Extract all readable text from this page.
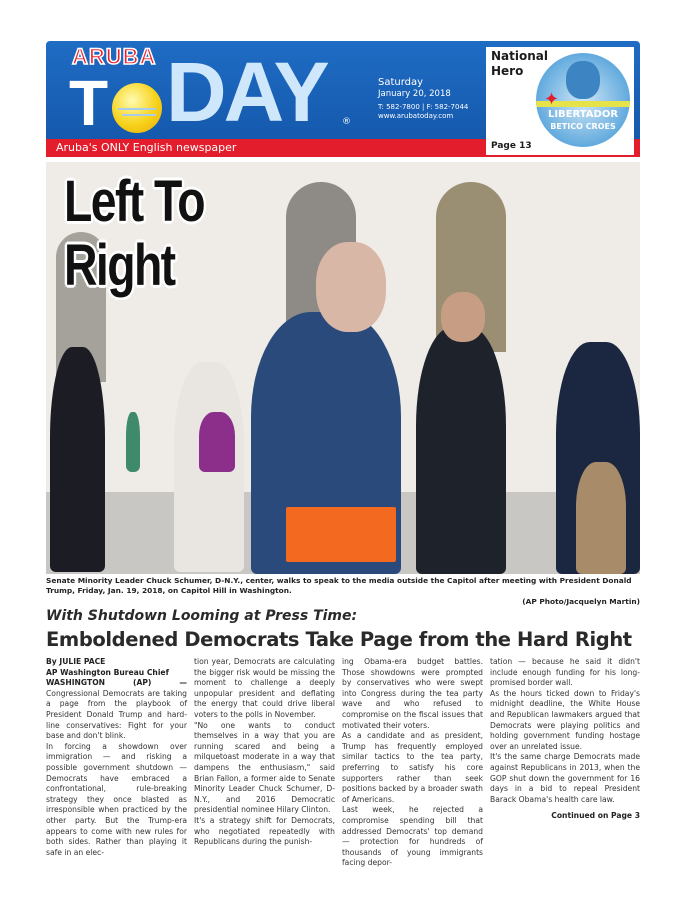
Aruba's ONLY English newspaper
ARUBA
T DAY ®
Saturday
January 20, 2018
T: 582-7800 | F: 582-7044
www.arubatoday.com
✦
LIBERTADOR
BETICO CROES
National
Hero
Page 13
Left To
Right
Senate Minority Leader Chuck Schumer, D-N.Y., center, walks to speak to the media outside the Capitol after meeting with President Donald Trump, Friday, Jan. 19, 2018, on Capitol Hill in Washington.
(AP Photo/Jacquelyn Martin)
With Shutdown Looming at Press Time:
Emboldened Democrats Take Page from the Hard Right

By JULIE PACE

AP Washington Bureau Chief

WASHINGTON (AP) — Congressional Democrats are taking a page from the playbook of President Donald Trump and hard-line conservatives: Fight for your base and don't blink.

In forcing a showdown over immigration — and risking a possible government shutdown — Democrats have embraced a confrontational, rule-breaking strategy they once blasted as irresponsible when practiced by the other party. But the Trump-era appears to come with new rules for both sides. Rather than playing it safe in an elec-

tion year, Democrats are calculating the bigger risk would be missing the moment to challenge a deeply unpopular president and deflating the energy that could drive liberal voters to the polls in November.

"No one wants to conduct themselves in a way that you are running scared and being a milquetoast moderate in a way that dampens the enthusiasm," said Brian Fallon, a former aide to Senate Minority Leader Chuck Schumer, D-N.Y., and 2016 Democratic presidential nominee Hilary Clinton.

It's a strategy shift for Democrats, who negotiated repeatedly with Republicans during the punish-

ing Obama-era budget battles. Those showdowns were prompted by conservatives who were swept into Congress during the tea party wave and who refused to compromise on the fiscal issues that motivated their voters.

As a candidate and as president, Trump has frequently employed similar tactics to the tea party, preferring to satisfy his core supporters rather than seek positions backed by a broader swath of Americans.

Last week, he rejected a compromise spending bill that addressed Democrats' top demand — protection for hundreds of thousands of young immigrants facing depor-

tation — because he said it didn't include enough funding for his long-promised border wall.

As the hours ticked down to Friday's midnight deadline, the White House and Republican lawmakers argued that Democrats were playing politics and holding government funding hostage over an unrelated issue.

It's the same charge Democrats made against Republicans in 2013, when the GOP shut down the government for 16 days in a bid to repeal President Barack Obama's health care law.

Continued on Page 3
